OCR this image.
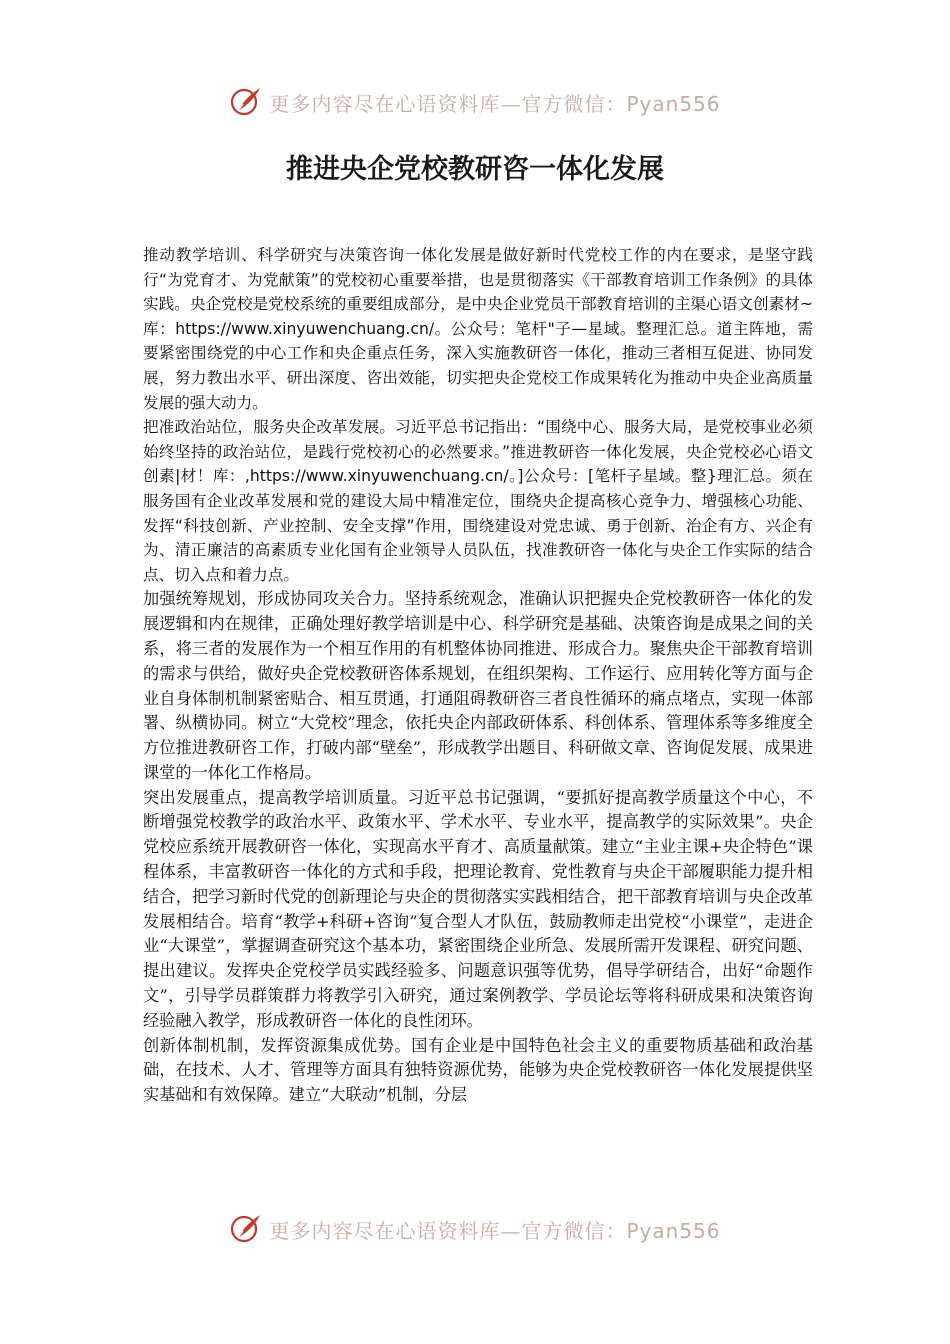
更多内容尽在心语资料库—官方微信：Pyan556
推进央企党校教研咨一体化发展

推动教学培训、科学研究与决策咨询一体化发展是做好新时代党校工作的内在要求，是坚守践行“为党育才、为党献策”的党校初心重要举措，也是贯彻落实《干部教育培训工作条例》的具体实践。央企党校是党校系统的重要组成部分，是中央企业党员干部教育培训的主渠心语文创素材~库：https://www.xinyuwenchuang.cn/。公众号：笔杆"子—星域。整理汇总。道主阵地，需要紧密围绕党的中心工作和央企重点任务，深入实施教研咨一体化，推动三者相互促进、协同发展，努力教出水平、研出深度、咨出效能，切实把央企党校工作成果转化为推动中央企业高质量发展的强大动力。

把准政治站位，服务央企改革发展。习近平总书记指出：“围绕中心、服务大局，是党校事业必须始终坚持的政治站位，是践行党校初心的必然要求。”推进教研咨一体化发展，央企党校必心语文创素|材！库：,https://www.xinyuwenchuang.cn/。]公众号：[笔杆子星域。整}理汇总。须在服务国有企业改革发展和党的建设大局中精准定位，围绕央企提高核心竞争力、增强核心功能、发挥“科技创新、产业控制、安全支撑”作用，围绕建设对党忠诚、勇于创新、治企有方、兴企有为、清正廉洁的高素质专业化国有企业领导人员队伍，找准教研咨一体化与央企工作实际的结合点、切入点和着力点。

加强统筹规划，形成协同攻关合力。坚持系统观念，准确认识把握央企党校教研咨一体化的发展逻辑和内在规律，正确处理好教学培训是中心、科学研究是基础、决策咨询是成果之间的关系，将三者的发展作为一个相互作用的有机整体协同推进、形成合力。聚焦央企干部教育培训的需求与供给，做好央企党校教研咨体系规划，在组织架构、工作运行、应用转化等方面与企业自身体制机制紧密贴合、相互贯通，打通阻碍教研咨三者良性循环的痛点堵点，实现一体部署、纵横协同。树立“大党校”理念，依托央企内部政研体系、科创体系、管理体系等多维度全方位推进教研咨工作，打破内部“壁垒”，形成教学出题目、科研做文章、咨询促发展、成果进课堂的一体化工作格局。

突出发展重点，提高教学培训质量。习近平总书记强调，“要抓好提高教学质量这个中心，不断增强党校教学的政治水平、政策水平、学术水平、专业水平，提高教学的实际效果”。央企党校应系统开展教研咨一体化，实现高水平育才、高质量献策。建立“主业主课+央企特色”课程体系，丰富教研咨一体化的方式和手段，把理论教育、党性教育与央企干部履职能力提升相结合，把学习新时代党的创新理论与央企的贯彻落实实践相结合，把干部教育培训与央企改革发展相结合。培育“教学+科研+咨询”复合型人才队伍，鼓励教师走出党校“小课堂”，走进企业“大课堂”，掌握调查研究这个基本功，紧密围绕企业所急、发展所需开发课程、研究问题、提出建议。发挥央企党校学员实践经验多、问题意识强等优势，倡导学研结合，出好“命题作文”，引导学员群策群力将教学引入研究，通过案例教学、学员论坛等将科研成果和决策咨询经验融入教学，形成教研咨一体化的良性闭环。

创新体制机制，发挥资源集成优势。国有企业是中国特色社会主义的重要物质基础和政治基础，在技术、人才、管理等方面具有独特资源优势，能够为央企党校教研咨一体化发展提供坚实基础和有效保障。建立“大联动”机制，分层

更多内容尽在心语资料库—官方微信：Pyan556
